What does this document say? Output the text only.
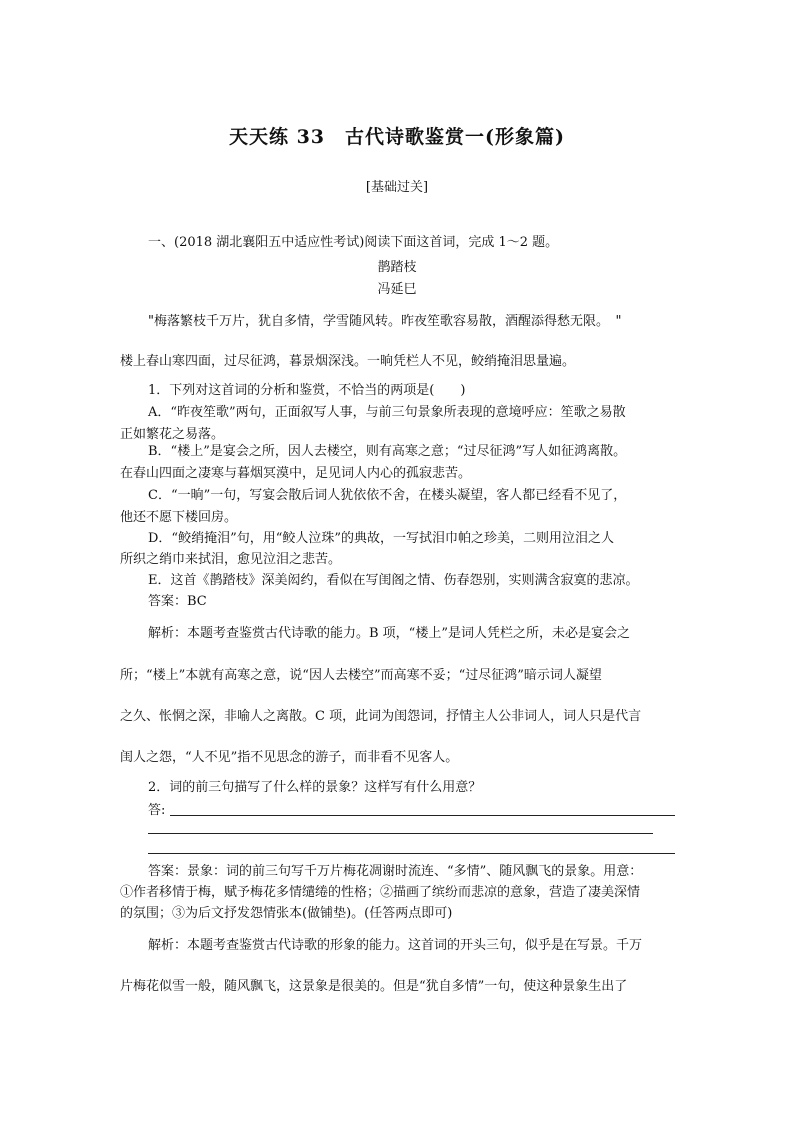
天天练 33　古代诗歌鉴赏一(形象篇)
[基础过关]
一、(2018 湖北襄阳五中适应性考试)阅读下面这首词，完成 1～2 题。
鹊踏枝
冯延巳
"梅落繁枝千万片，犹自多情，学雪随风转。昨夜笙歌容易散，酒醒添得愁无限。　"
楼上春山寒四面，过尽征鸿，暮景烟深浅。一晌凭栏人不见，鲛绡掩泪思量遍。
1．下列对这首词的分析和鉴赏，不恰当的两项是(　　)
A．“昨夜笙歌”两句，正面叙写人事，与前三句景象所表现的意境呼应：笙歌之易散
正如繁花之易落。
B．“楼上”是宴会之所，因人去楼空，则有高寒之意；“过尽征鸿”写人如征鸿离散。
在春山四面之凄寒与暮烟冥漠中，足见词人内心的孤寂悲苦。
C．“一晌”一句，写宴会散后词人犹依依不舍，在楼头凝望，客人都已经看不见了，
他还不愿下楼回房。
D．“鲛绡掩泪”句，用“鲛人泣珠”的典故，一写拭泪巾帕之珍美，二则用泣泪之人
所织之绡巾来拭泪，愈见泣泪之悲苦。
E．这首《鹊踏枝》深美闳约，看似在写闺阁之情、伤春怨别，实则满含寂寞的悲凉。
答案：BC
解析：本题考查鉴赏古代诗歌的能力。B 项，“楼上”是词人凭栏之所，未必是宴会之
所；“楼上”本就有高寒之意，说“因人去楼空”而高寒不妥；“过尽征鸿”暗示词人凝望
之久、怅惘之深，非喻人之离散。C 项，此词为闺怨词，抒情主人公非词人，词人只是代言
闺人之怨，“人不见”指不见思念的游子，而非看不见客人。
2．词的前三句描写了什么样的景象？这样写有什么用意？
答:
答案：景象：词的前三句写千万片梅花凋谢时流连、“多情”、随风飘飞的景象。用意：
①作者移情于梅，赋予梅花多情缱绻的性格；②描画了缤纷而悲凉的意象，营造了凄美深情
的氛围；③为后文抒发怨情张本(做铺垫)。(任答两点即可)
解析：本题考查鉴赏古代诗歌的形象的能力。这首词的开头三句，似乎是在写景。千万
片梅花似雪一般，随风飘飞，这景象是很美的。但是“犹自多情”一句，使这种景象生出了
